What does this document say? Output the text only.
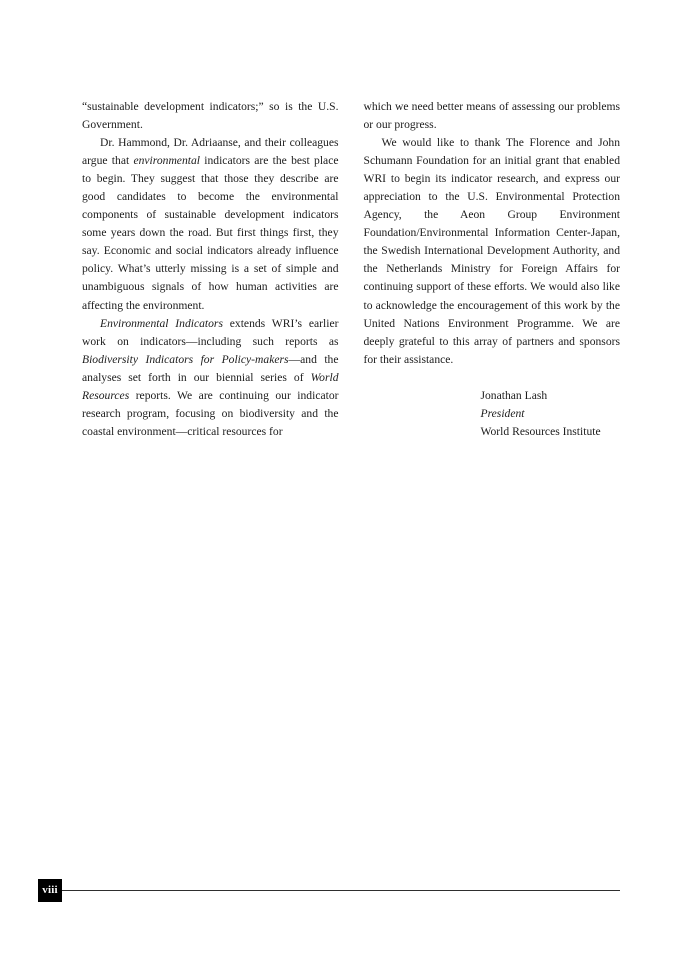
“sustainable development indicators;” so is the U.S. Government.

Dr. Hammond, Dr. Adriaanse, and their colleagues argue that environmental indicators are the best place to begin. They suggest that those they describe are good candidates to become the environmental components of sustainable development indicators some years down the road. But first things first, they say. Economic and social indicators already influence policy. What’s utterly missing is a set of simple and unambiguous signals of how human activities are affecting the environment.

Environmental Indicators extends WRI’s earlier work on indicators—including such reports as Biodiversity Indicators for Policy-makers—and the analyses set forth in our biennial series of World Resources reports. We are continuing our indicator research program, focusing on biodiversity and the coastal environment—critical resources for

which we need better means of assessing our problems or our progress.

We would like to thank The Florence and John Schumann Foundation for an initial grant that enabled WRI to begin its indicator research, and express our appreciation to the U.S. Environmental Protection Agency, the Aeon Group Environment Foundation/Environmental Information Center-Japan, the Swedish International Development Authority, and the Netherlands Ministry for Foreign Affairs for continuing support of these efforts. We would also like to acknowledge the encouragement of this work by the United Nations Environment Programme. We are deeply grateful to this array of partners and sponsors for their assistance.

Jonathan Lash
President
World Resources Institute
viii
